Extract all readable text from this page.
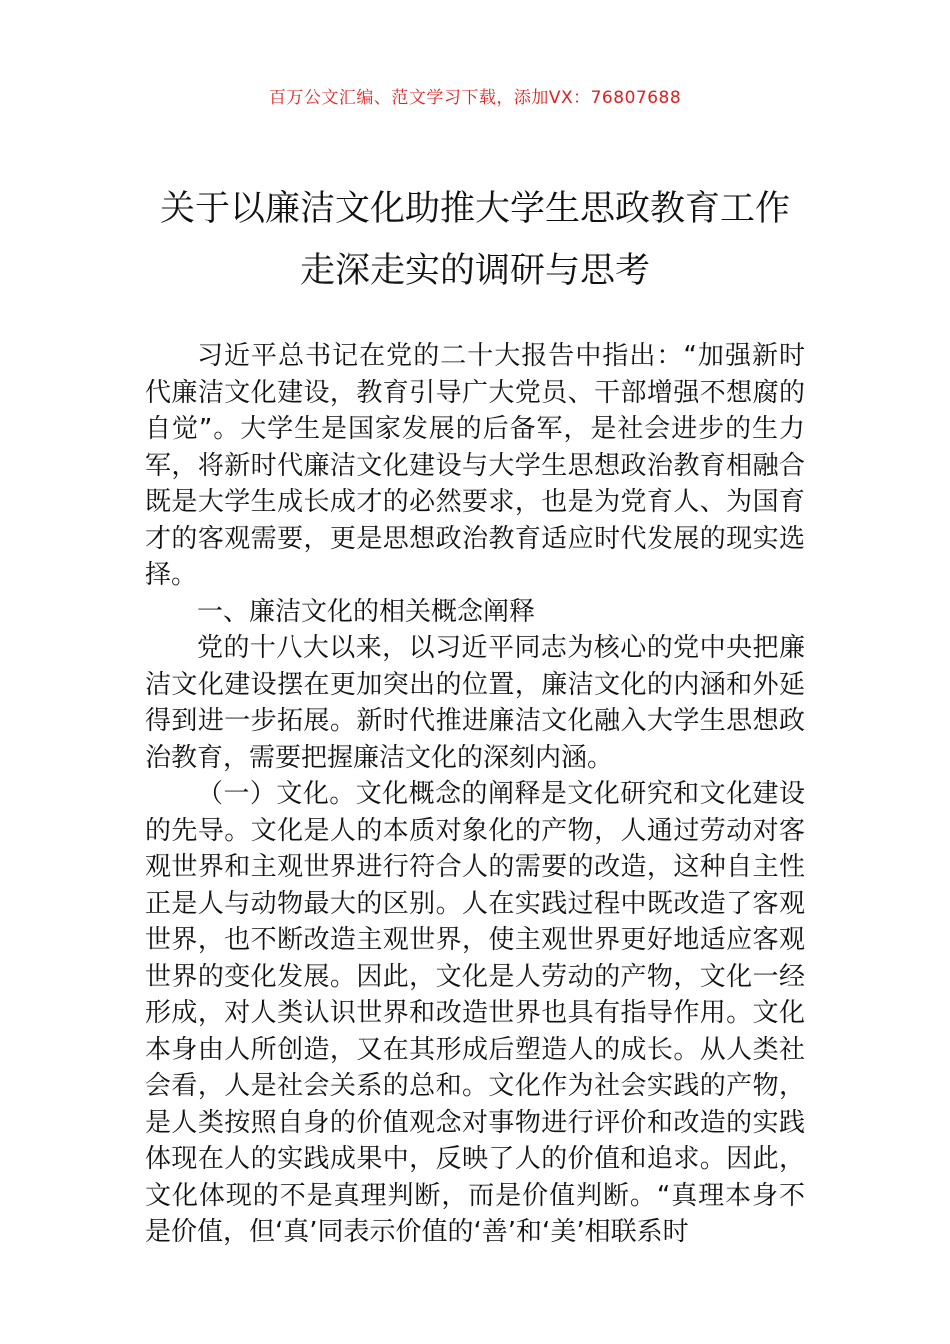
百万公文汇编、范文学习下载，添加VX：76807688
关于以廉洁文化助推大学生思政教育工作
走深走实的调研与思考

习近平总书记在党的二十大报告中指出：“加强新时代廉洁文化建设，教育引导广大党员、干部增强不想腐的自觉”。大学生是国家发展的后备军，是社会进步的生力军，将新时代廉洁文化建设与大学生思想政治教育相融合既是大学生成长成才的必然要求，也是为党育人、为国育才的客观需要，更是思想政治教育适应时代发展的现实选择。

一、廉洁文化的相关概念阐释

党的十八大以来，以习近平同志为核心的党中央把廉洁文化建设摆在更加突出的位置，廉洁文化的内涵和外延得到进一步拓展。新时代推进廉洁文化融入大学生思想政治教育，需要把握廉洁文化的深刻内涵。

（一）文化。文化概念的阐释是文化研究和文化建设的先导。文化是人的本质对象化的产物，人通过劳动对客观世界和主观世界进行符合人的需要的改造，这种自主性正是人与动物最大的区别。人在实践过程中既改造了客观世界，也不断改造主观世界，使主观世界更好地适应客观世界的变化发展。因此，文化是人劳动的产物，文化一经形成，对人类认识世界和改造世界也具有指导作用。文化本身由人所创造，又在其形成后塑造人的成长。从人类社会看，人是社会关系的总和。文化作为社会实践的产物，是人类按照自身的价值观念对事物进行评价和改造的实践体现在人的实践成果中，反映了人的价值和追求。因此，文化体现的不是真理判断，而是价值判断。“真理本身不是价值，但‘真’同表示价值的‘善’和‘美’相联系时
